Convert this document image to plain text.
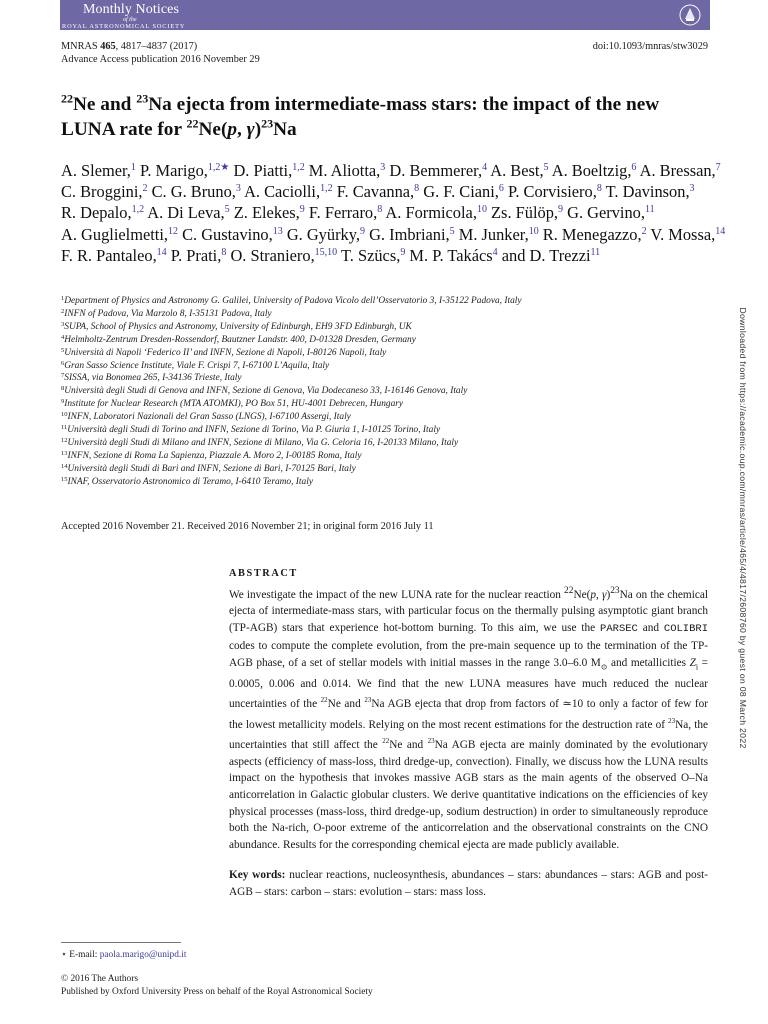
Monthly Notices
of the
ROYAL ASTRONOMICAL SOCIETY
MNRAS 465, 4817–4837 (2017)
Advance Access publication 2016 November 29
doi:10.1093/mnras/stw3029
$^{22}$Ne and $^{23}$Na ejecta from intermediate-mass stars: the impact of the new
LUNA rate for $^{22}$Ne(p, γ)$^{23}$Na
A. Slemer,$^1$ P. Marigo,$^{1,2★}$ D. Piatti,$^{1,2}$ M. Aliotta,$^3$ D. Bemmerer,$^4$ A. Best,$^5$ A. Boeltzig,$^6$ A. Bressan,$^7$ C. Broggini,$^2$ C. G. Bruno,$^3$ A. Caciolli,$^{1,2}$ F. Cavanna,$^8$ G. F. Ciani,$^6$ P. Corvisiero,$^8$ T. Davinson,$^3$ R. Depalo,$^{1,2}$ A. Di Leva,$^5$ Z. Elekes,$^9$ F. Ferraro,$^8$ A. Formicola,$^{10}$ Zs. Fülöp,$^9$ G. Gervino,$^{11}$ A. Guglielmetti,$^{12}$ C. Gustavino,$^{13}$ G. Gyürky,$^9$ G. Imbriani,$^5$ M. Junker,$^{10}$ R. Menegazzo,$^2$ V. Mossa,$^{14}$ F. R. Pantaleo,$^{14}$ P. Prati,$^8$ O. Straniero,$^{15,10}$ T. Szücs,$^9$ M. P. Takács$^4$ and D. Trezzi$^{11}$
$^1$Department of Physics and Astronomy G. Galilei, University of Padova Vicolo dell’Osservatorio 3, I-35122 Padova, Italy
$^2$INFN of Padova, Via Marzolo 8, I-35131 Padova, Italy
$^3$SUPA, School of Physics and Astronomy, University of Edinburgh, EH9 3FD Edinburgh, UK
$^4$Helmholtz-Zentrum Dresden-Rossendorf, Bautzner Landstr. 400, D-01328 Dresden, Germany
$^5$Università di Napoli ‘Federico II’ and INFN, Sezione di Napoli, I-80126 Napoli, Italy
$^6$Gran Sasso Science Institute, Viale F. Crispi 7, I-67100 L’Aquila, Italy
$^7$SISSA, via Bonomea 265, I-34136 Trieste, Italy
$^8$Università degli Studi di Genova and INFN, Sezione di Genova, Via Dodecaneso 33, I-16146 Genova, Italy
$^9$Institute for Nuclear Research (MTA ATOMKI), PO Box 51, HU-4001 Debrecen, Hungary
$^{10}$INFN, Laboratori Nazionali del Gran Sasso (LNGS), I-67100 Assergi, Italy
$^{11}$Università degli Studi di Torino and INFN, Sezione di Torino, Via P. Giuria 1, I-10125 Torino, Italy
$^{12}$Università degli Studi di Milano and INFN, Sezione di Milano, Via G. Celoria 16, I-20133 Milano, Italy
$^{13}$INFN, Sezione di Roma La Sapienza, Piazzale A. Moro 2, I-00185 Roma, Italy
$^{14}$Università degli Studi di Bari and INFN, Sezione di Bari, I-70125 Bari, Italy
$^{15}$INAF, Osservatorio Astronomico di Teramo, I-6410 Teramo, Italy
Accepted 2016 November 21. Received 2016 November 21; in original form 2016 July 11
ABSTRACT
We investigate the impact of the new LUNA rate for the nuclear reaction $^{22}$Ne(p, γ)$^{23}$Na on the chemical ejecta of intermediate-mass stars, with particular focus on the thermally pulsing asymptotic giant branch (TP-AGB) stars that experience hot-bottom burning. To this aim, we use the PARSEC and COLIBRI codes to compute the complete evolution, from the pre-main sequence up to the termination of the TP-AGB phase, of a set of stellar models with initial masses in the range 3.0–6.0 $M_⊙$ and metallicities $Z_i = 0.0005$, 0.006 and 0.014. We find that the new LUNA measures have much reduced the nuclear uncertainties of the $^{22}$Ne and $^{23}$Na AGB ejecta that drop from factors of ≃10 to only a factor of few for the lowest metallicity models. Relying on the most recent estimations for the destruction rate of $^{23}$Na, the uncertainties that still affect the $^{22}$Ne and $^{23}$Na AGB ejecta are mainly dominated by the evolutionary aspects (efficiency of mass-loss, third dredge-up, convection). Finally, we discuss how the LUNA results impact on the hypothesis that invokes massive AGB stars as the main agents of the observed O–Na anticorrelation in Galactic globular clusters. We derive quantitative indications on the efficiencies of key physical processes (mass-loss, third dredge-up, sodium destruction) in order to simultaneously reproduce both the Na-rich, O-poor extreme of the anticorrelation and the observational constraints on the CNO abundance. Results for the corresponding chemical ejecta are made publicly available.
Key words: nuclear reactions, nucleosynthesis, abundances – stars: abundances – stars: AGB and post-AGB – stars: carbon – stars: evolution – stars: mass loss.
⋆ E-mail: paola.marigo@unipd.it
© 2016 The Authors
Published by Oxford University Press on behalf of the Royal Astronomical Society
Downloaded from https://academic.oup.com/mnras/article/465/4/4817/2608760 by guest on 08 March 2022
